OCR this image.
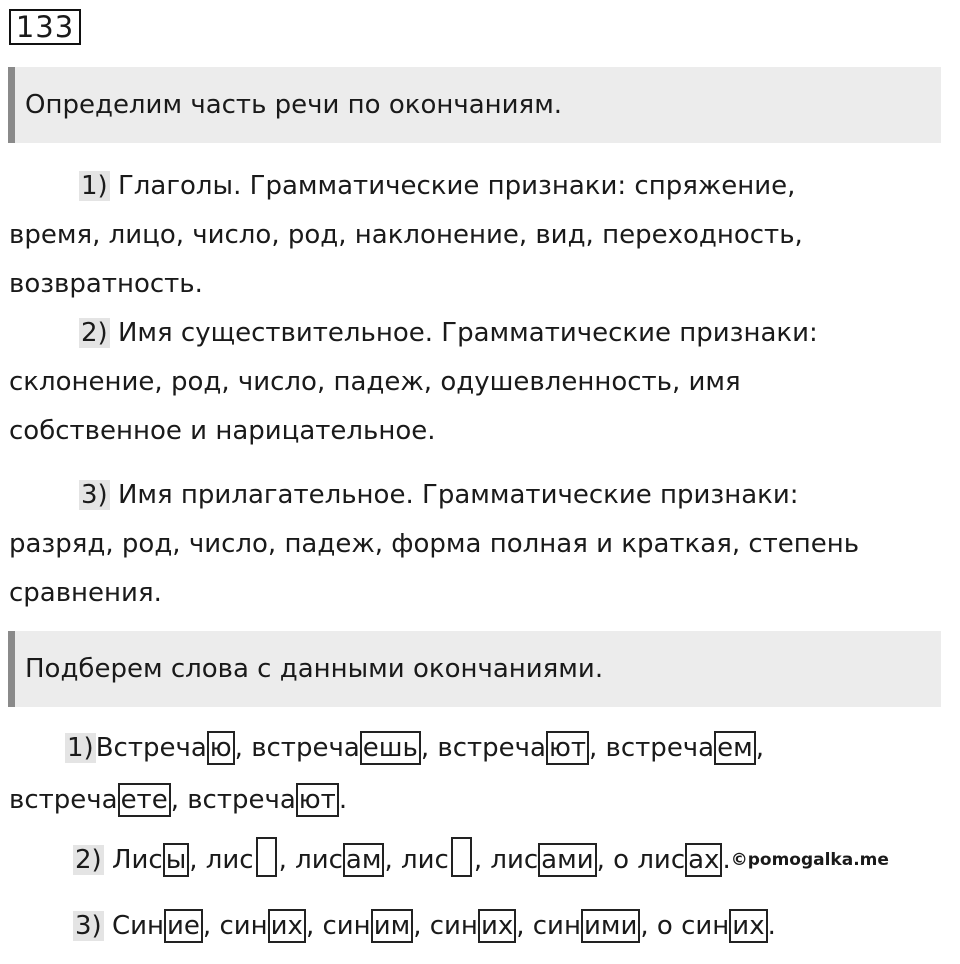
133
Определим часть речи по окончаниям.
1) Глаголы. Грамматические признаки: спряжение,
время, лицо, число, род, наклонение, вид, переходность,
возвратность.
2) Имя существительное. Грамматические признаки:
склонение, род, число, падеж, одушевленность, имя
собственное и нарицательное.
3) Имя прилагательное. Грамматические признаки:
разряд, род, число, падеж, форма полная и краткая, степень
сравнения.
Подберем слова с данными окончаниями.
1)Встреча ю , встреча ешь , встреча ют , встреча ем ,
встреча ете , встреча ют .
2) Лис ы , лис , лис ам , лис , лис ами , о лис ах .©pomogalka.me
3) Син ие , син их , син им , син их , син ими , о син их .
